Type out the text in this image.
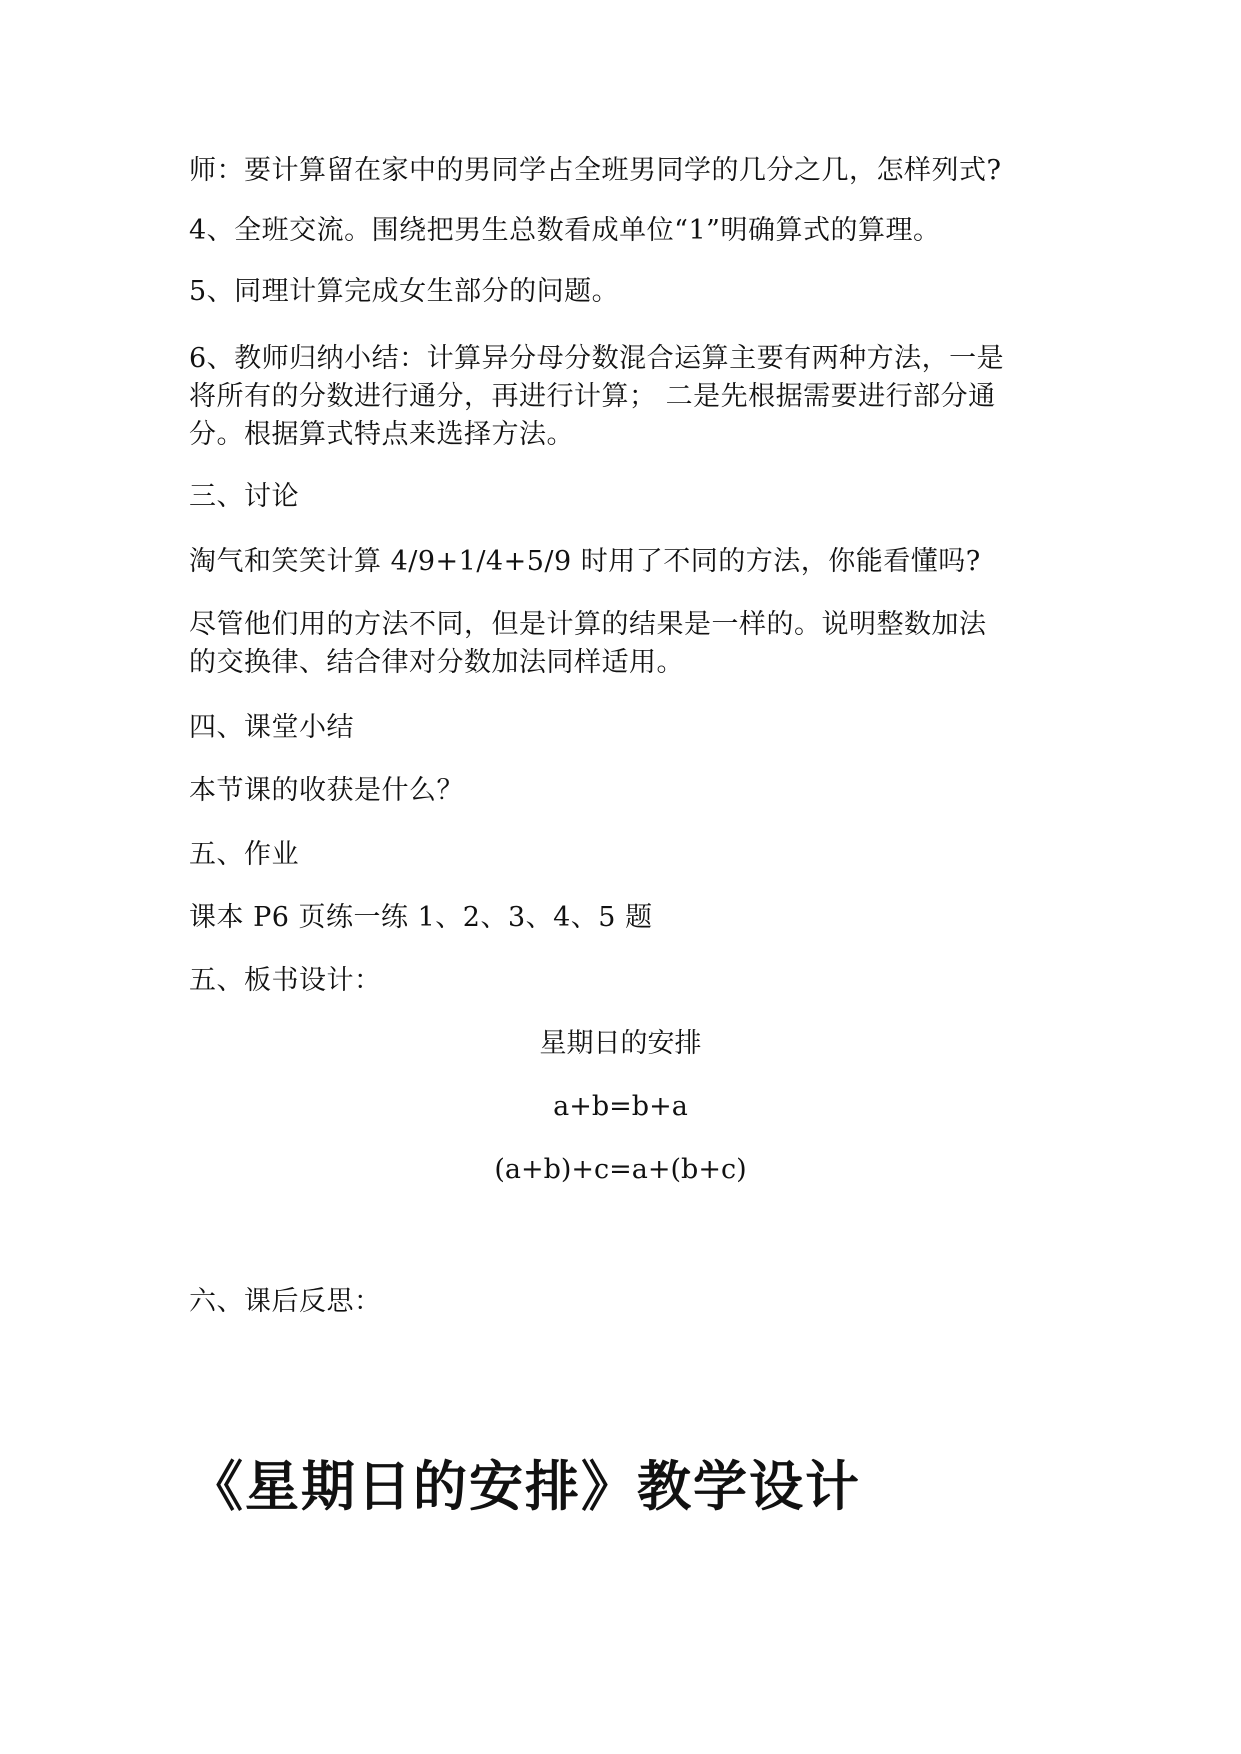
师：要计算留在家中的男同学占全班男同学的几分之几，怎样列式?
4、全班交流。围绕把男生总数看成单位“1”明确算式的算理。
5、同理计算完成女生部分的问题。
6、教师归纳小结：计算异分母分数混合运算主要有两种方法，一是
将所有的分数进行通分，再进行计算； 二是先根据需要进行部分通
分。根据算式特点来选择方法。
三、讨论
淘气和笑笑计算 4/9+1/4+5/9 时用了不同的方法，你能看懂吗?
尽管他们用的方法不同，但是计算的结果是一样的。说明整数加法
的交换律、结合律对分数加法同样适用。
四、课堂小结
本节课的收获是什么？
五、作业
课本 P6 页练一练 1、2、3、4、5 题
五、板书设计：
星期日的安排
a+b=b+a
(a+b)+c=a+(b+c)
六、课后反思：
《星期日的安排》教学设计
